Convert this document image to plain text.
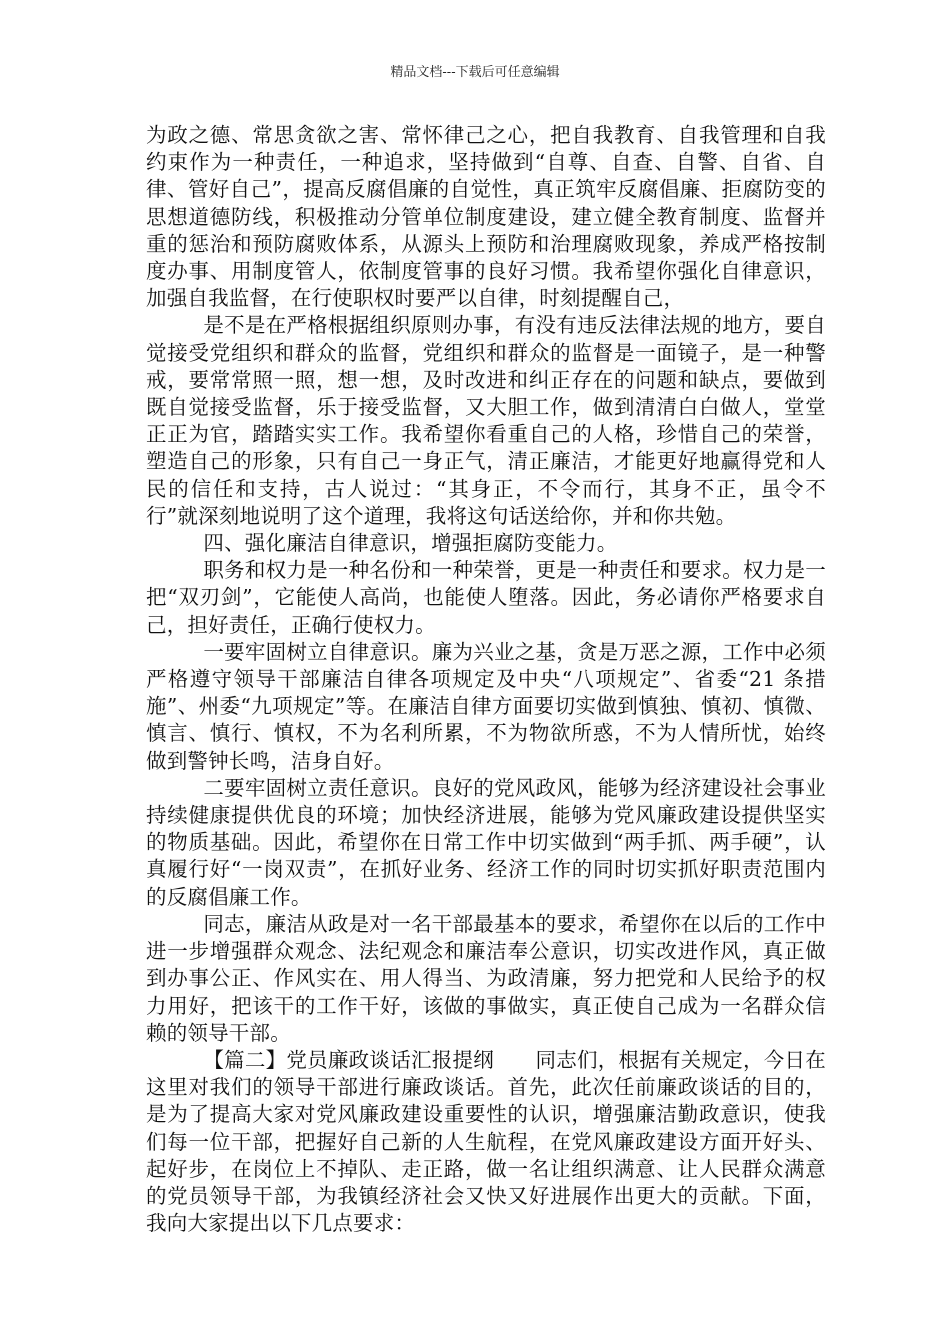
精品文档---下载后可任意编辑

为政之德、常思贪欲之害、常怀律己之心，把自我教育、自我管理和自我约束作为一种责任，一种追求，坚持做到“自尊、自查、自警、自省、自律、管好自己”，提高反腐倡廉的自觉性，真正筑牢反腐倡廉、拒腐防变的思想道德防线，积极推动分管单位制度建设，建立健全教育制度、监督并重的惩治和预防腐败体系，从源头上预防和治理腐败现象，养成严格按制度办事、用制度管人，依制度管事的良好习惯。我希望你强化自律意识，加强自我监督，在行使职权时要严以自律，时刻提醒自己，

是不是在严格根据组织原则办事，有没有违反法律法规的地方，要自觉接受党组织和群众的监督，党组织和群众的监督是一面镜子，是一种警戒，要常常照一照，想一想，及时改进和纠正存在的问题和缺点，要做到既自觉接受监督，乐于接受监督，又大胆工作，做到清清白白做人，堂堂正正为官，踏踏实实工作。我希望你看重自己的人格，珍惜自己的荣誉，塑造自己的形象，只有自己一身正气，清正廉洁，才能更好地赢得党和人民的信任和支持，古人说过：“其身正，不令而行，其身不正，虽令不行”就深刻地说明了这个道理，我将这句话送给你，并和你共勉。

四、强化廉洁自律意识，增强拒腐防变能力。

职务和权力是一种名份和一种荣誉，更是一种责任和要求。权力是一把“双刃剑”，它能使人高尚，也能使人堕落。因此，务必请你严格要求自己，担好责任，正确行使权力。

一要牢固树立自律意识。廉为兴业之基，贪是万恶之源，工作中必须严格遵守领导干部廉洁自律各项规定及中央“八项规定”、省委“21 条措施”、州委“九项规定”等。在廉洁自律方面要切实做到慎独、慎初、慎微、慎言、慎行、慎权，不为名利所累，不为物欲所惑，不为人情所忧，始终做到警钟长鸣，洁身自好。

二要牢固树立责任意识。良好的党风政风，能够为经济建设社会事业持续健康提供优良的环境；加快经济进展，能够为党风廉政建设提供坚实的物质基础。因此，希望你在日常工作中切实做到“两手抓、两手硬”，认真履行好“一岗双责”，在抓好业务、经济工作的同时切实抓好职责范围内的反腐倡廉工作。

同志，廉洁从政是对一名干部最基本的要求，希望你在以后的工作中进一步增强群众观念、法纪观念和廉洁奉公意识，切实改进作风，真正做到办事公正、作风实在、用人得当、为政清廉，努力把党和人民给予的权力用好，把该干的工作干好，该做的事做实，真正使自己成为一名群众信赖的领导干部。

【篇二】党员廉政谈话汇报提纲　　同志们，根据有关规定，今日在这里对我们的领导干部进行廉政谈话。首先，此次任前廉政谈话的目的，是为了提高大家对党风廉政建设重要性的认识，增强廉洁勤政意识，使我们每一位干部，把握好自己新的人生航程，在党风廉政建设方面开好头、起好步，在岗位上不掉队、走正路，做一名让组织满意、让人民群众满意的党员领导干部，为我镇经济社会又快又好进展作出更大的贡献。下面，我向大家提出以下几点要求：
